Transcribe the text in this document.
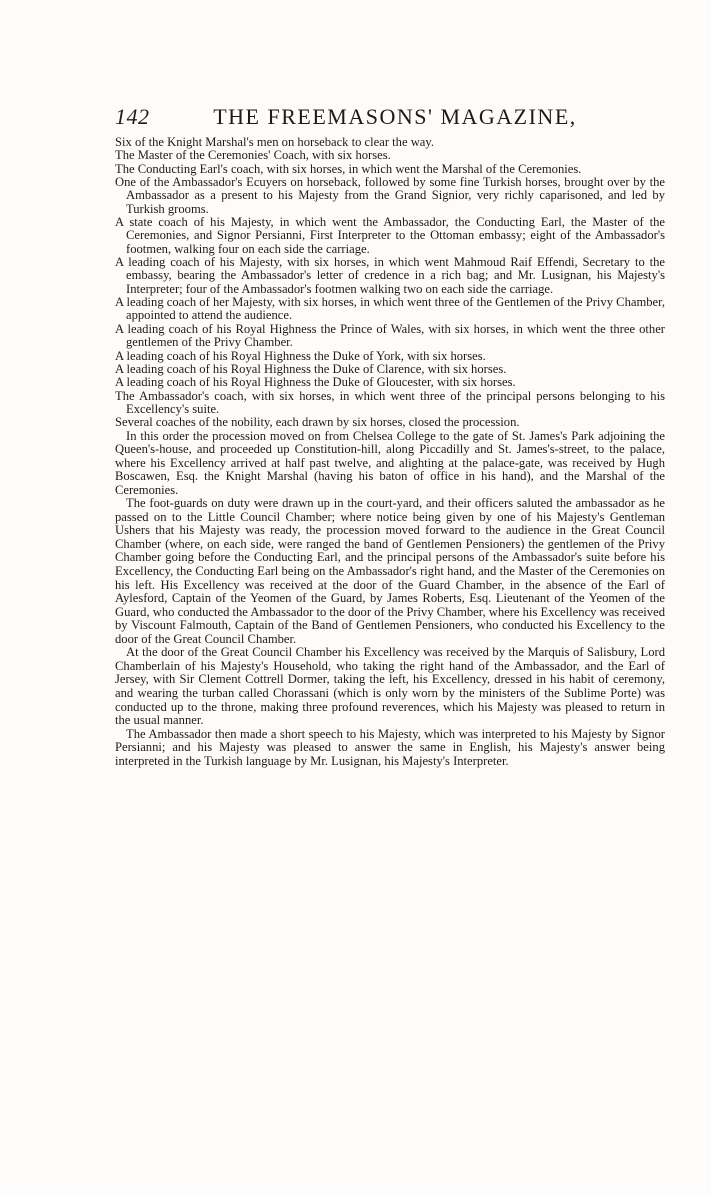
142	THE FREEMASONS' MAGAZINE,

Six of the Knight Marshal's men on horseback to clear the way.

The Master of the Ceremonies' Coach, with six horses.

The Conducting Earl's coach, with six horses, in which went the Marshal of the Ceremonies.

One of the Ambassador's Ecuyers on horseback, followed by some fine Turkish horses, brought over by the Ambassador as a present to his Majesty from the Grand Signior, very richly caparisoned, and led by Turkish grooms.

A state coach of his Majesty, in which went the Ambassador, the Conducting Earl, the Master of the Ceremonies, and Signor Persianni, First Interpreter to the Ottoman embassy; eight of the Ambassador's footmen, walking four on each side the carriage.

A leading coach of his Majesty, with six horses, in which went Mahmoud Raif Effendi, Secretary to the embassy, bearing the Ambassador's letter of credence in a rich bag; and Mr. Lusignan, his Majesty's Interpreter; four of the Ambassador's footmen walking two on each side the carriage.

A leading coach of her Majesty, with six horses, in which went three of the Gentlemen of the Privy Chamber, appointed to attend the audience.

A leading coach of his Royal Highness the Prince of Wales, with six horses, in which went the three other gentlemen of the Privy Chamber.

A leading coach of his Royal Highness the Duke of York, with six horses.

A leading coach of his Royal Highness the Duke of Clarence, with six horses.

A leading coach of his Royal Highness the Duke of Gloucester, with six horses.

The Ambassador's coach, with six horses, in which went three of the principal persons belonging to his Excellency's suite.

Several coaches of the nobility, each drawn by six horses, closed the procession.

In this order the procession moved on from Chelsea College to the gate of St. James's Park adjoining the Queen's-house, and proceeded up Constitution-hill, along Piccadilly and St. James's-street, to the palace, where his Excellency arrived at half past twelve, and alighting at the palace-gate, was received by Hugh Boscawen, Esq. the Knight Marshal (having his baton of office in his hand), and the Marshal of the Ceremonies.

The foot-guards on duty were drawn up in the court-yard, and their officers saluted the ambassador as he passed on to the Little Council Chamber; where notice being given by one of his Majesty's Gentleman Ushers that his Majesty was ready, the procession moved forward to the audience in the Great Council Chamber (where, on each side, were ranged the band of Gentlemen Pensioners) the gentlemen of the Privy Chamber going before the Conducting Earl, and the principal persons of the Ambassador's suite before his Excellency, the Conducting Earl being on the Ambassador's right hand, and the Master of the Ceremonies on his left. His Excellency was received at the door of the Guard Chamber, in the absence of the Earl of Aylesford, Captain of the Yeomen of the Guard, by James Roberts, Esq. Lieutenant of the Yeomen of the Guard, who conducted the Ambassador to the door of the Privy Chamber, where his Excellency was received by Viscount Falmouth, Captain of the Band of Gentlemen Pensioners, who conducted his Excellency to the door of the Great Council Chamber.

At the door of the Great Council Chamber his Excellency was received by the Marquis of Salisbury, Lord Chamberlain of his Majesty's Household, who taking the right hand of the Ambassador, and the Earl of Jersey, with Sir Clement Cottrell Dormer, taking the left, his Excellency, dressed in his habit of ceremony, and wearing the turban called Chorassani (which is only worn by the ministers of the Sublime Porte) was conducted up to the throne, making three profound reverences, which his Majesty was pleased to return in the usual manner.

The Ambassador then made a short speech to his Majesty, which was interpreted to his Majesty by Signor Persianni; and his Majesty was pleased to answer the same in English, his Majesty's answer being interpreted in the Turkish language by Mr. Lusignan, his Majesty's Interpreter.
